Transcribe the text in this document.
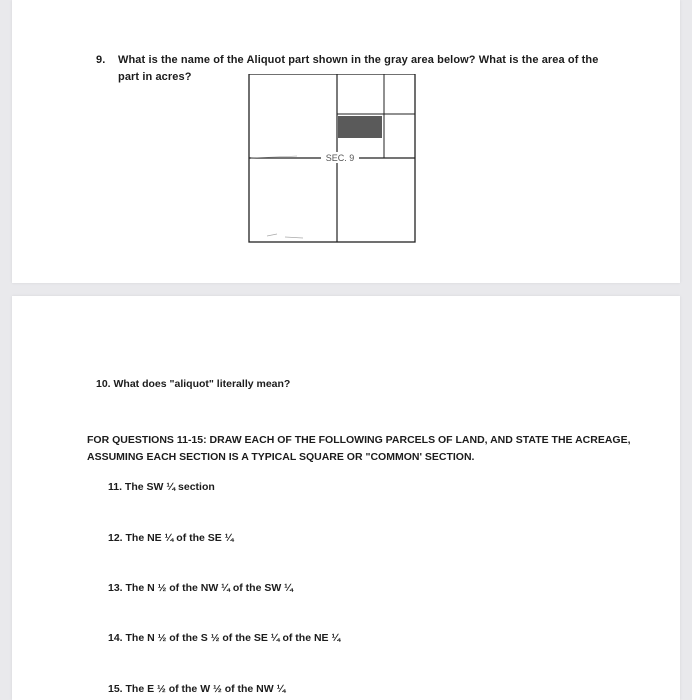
9. What is the name of the Aliquot part shown in the gray area below? What is the area of the part in acres?
SEC. 9
10. What does "aliquot" literally mean?
FOR QUESTIONS 11-15: DRAW EACH OF THE FOLLOWING PARCELS OF LAND, AND STATE THE ACREAGE, ASSUMING EACH SECTION IS A TYPICAL SQUARE OR "COMMON' SECTION.
11. The SW ¼ section
12. The NE ¼ of the SE ¼
13. The N ½ of the NW ¼ of the SW ¼
14. The N ½ of the S ½ of the SE ¼ of the NE ¼
15. The E ½ of the W ½ of the NW ¼
